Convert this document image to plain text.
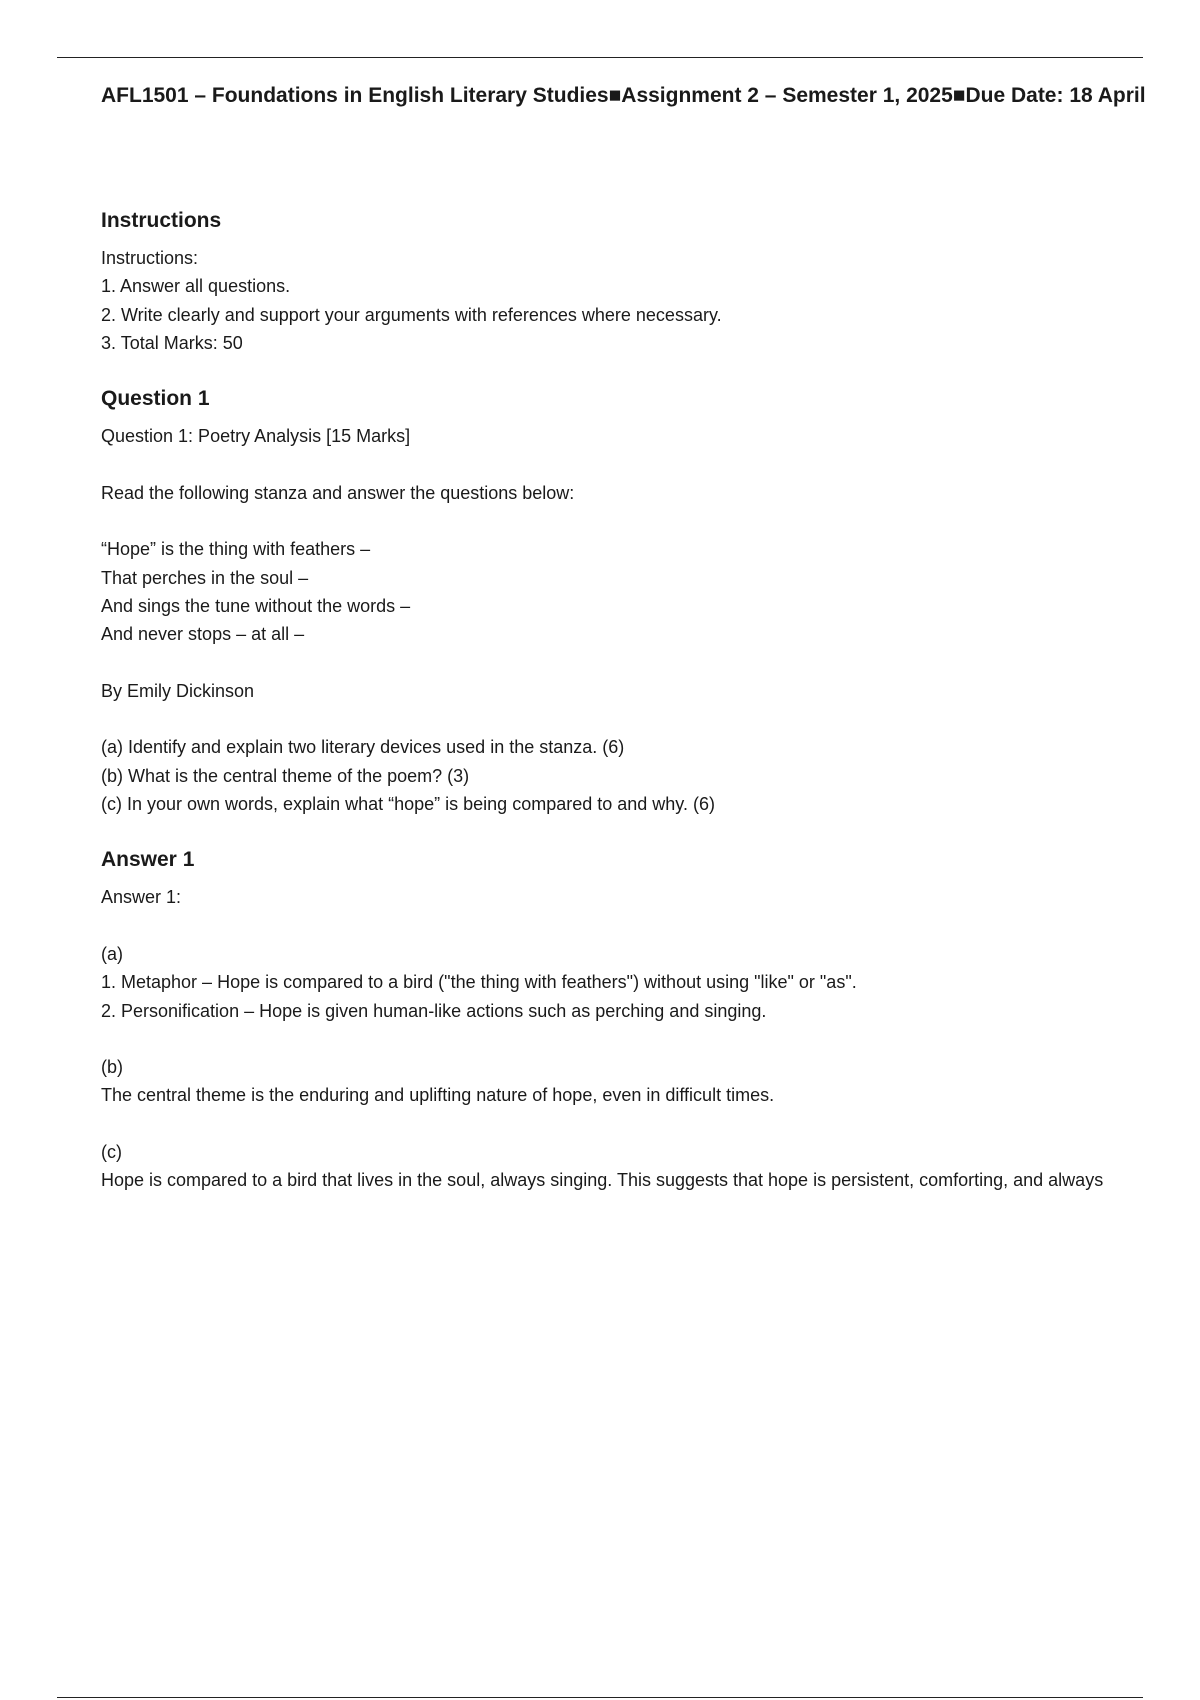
AFL1501 – Foundations in English Literary Studies■Assignment 2 – Semester 1, 2025■Due Date: 18 April

Instructions

Instructions:

1. Answer all questions.

2. Write clearly and support your arguments with references where necessary.

3. Total Marks: 50

Question 1

Question 1: Poetry Analysis [15 Marks]

Read the following stanza and answer the questions below:

“Hope” is the thing with feathers –

That perches in the soul –

And sings the tune without the words –

And never stops – at all –

By Emily Dickinson

(a) Identify and explain two literary devices used in the stanza. (6)

(b) What is the central theme of the poem? (3)

(c) In your own words, explain what “hope” is being compared to and why. (6)

Answer 1

Answer 1:

(a)

1. Metaphor – Hope is compared to a bird ("the thing with feathers") without using "like" or "as".

2. Personification – Hope is given human-like actions such as perching and singing.

(b)

The central theme is the enduring and uplifting nature of hope, even in difficult times.

(c)

Hope is compared to a bird that lives in the soul, always singing. This suggests that hope is persistent, comforting, and always
